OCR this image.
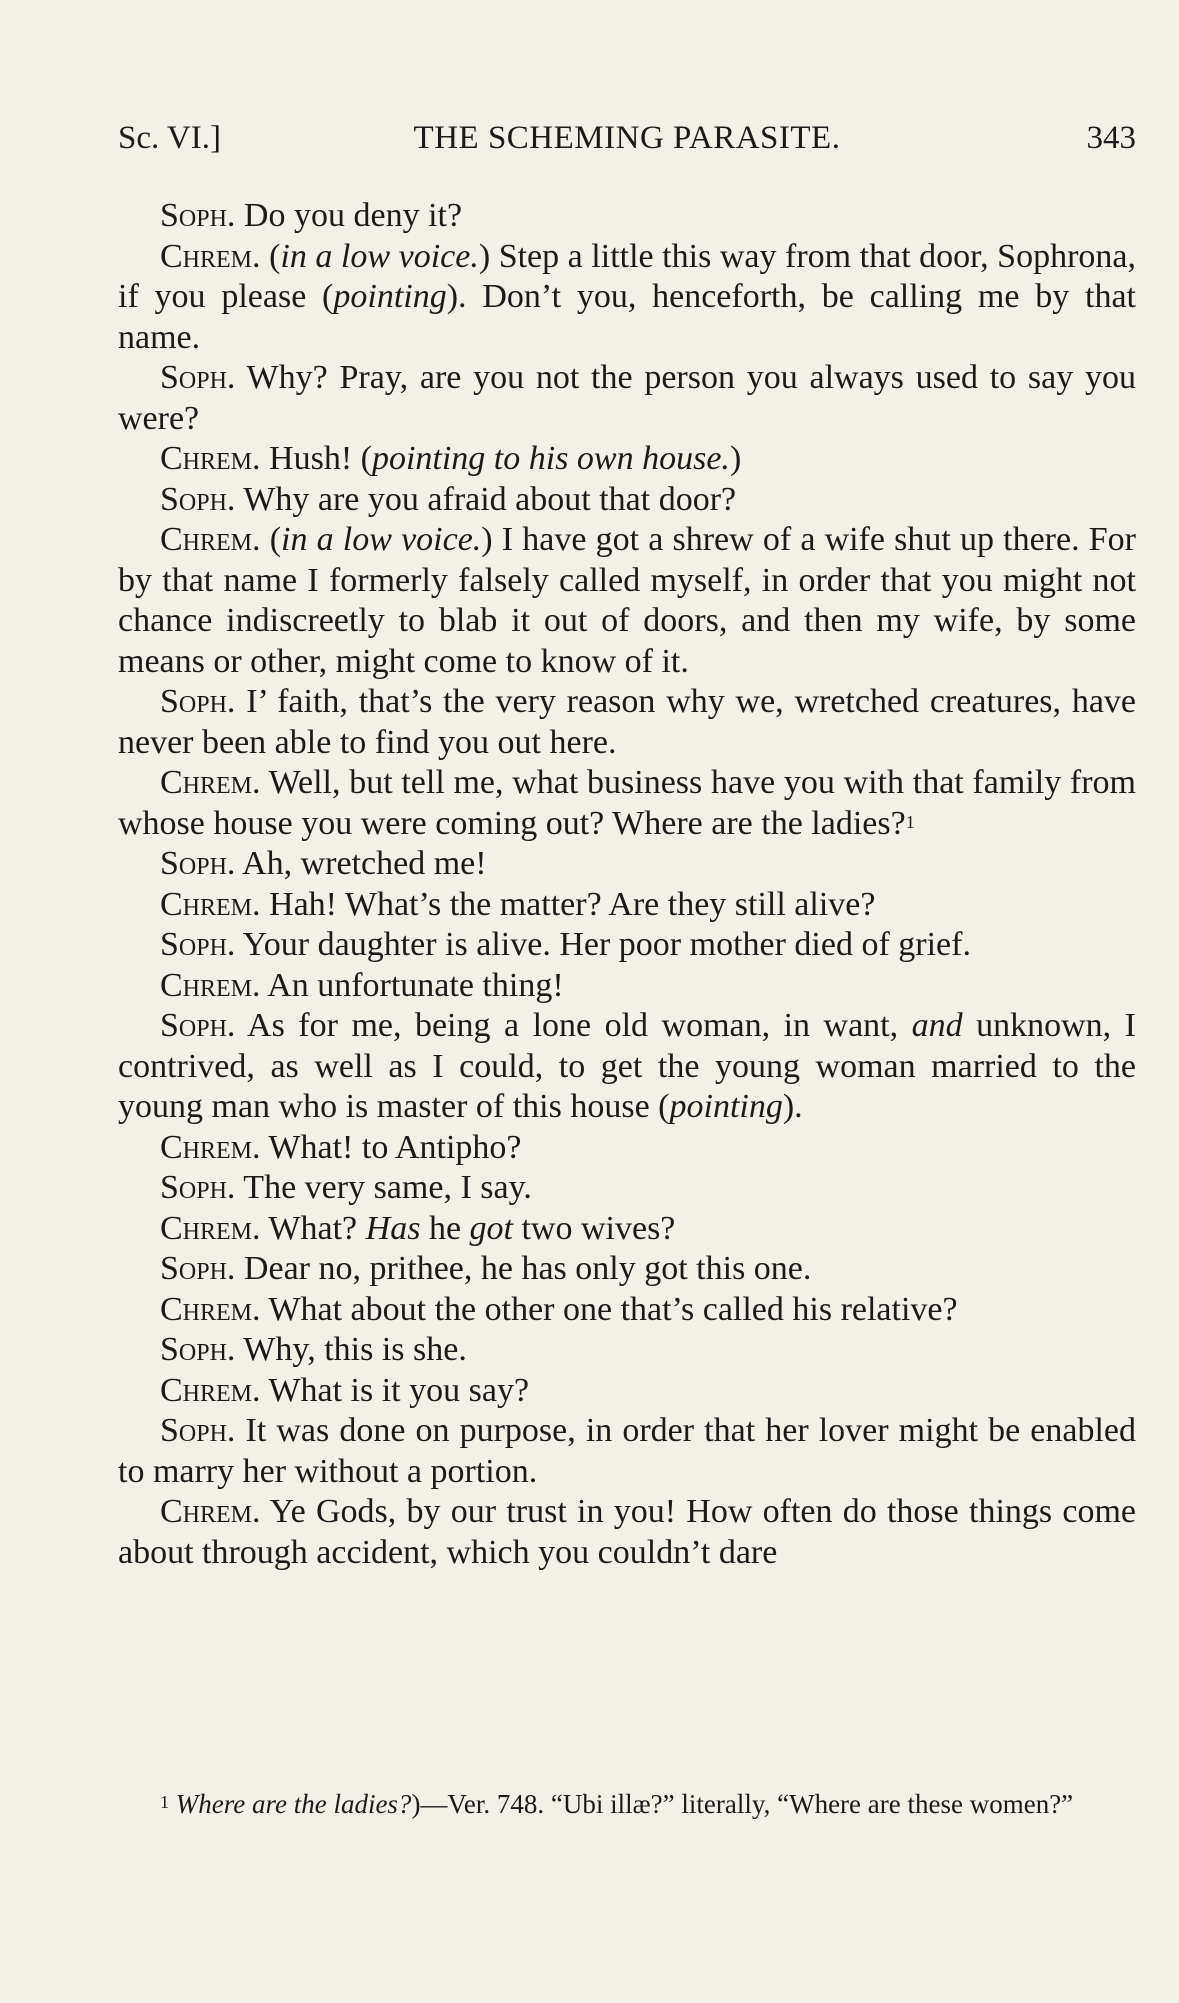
Sc. VI.]	THE SCHEMING PARASITE.	343

Soph. Do you deny it?

Chrem. (in a low voice.) Step a little this way from that door, Sophrona, if you please (pointing). Don’t you, henceforth, be calling me by that name.

Soph. Why? Pray, are you not the person you always used to say you were?

Chrem. Hush! (pointing to his own house.)

Soph. Why are you afraid about that door?

Chrem. (in a low voice.) I have got a shrew of a wife shut up there. For by that name I formerly falsely called myself, in order that you might not chance indiscreetly to blab it out of doors, and then my wife, by some means or other, might come to know of it.

Soph. I’ faith, that’s the very reason why we, wretched creatures, have never been able to find you out here.

Chrem. Well, but tell me, what business have you with that family from whose house you were coming out? Where are the ladies?$^1$

Soph. Ah, wretched me!

Chrem. Hah! What’s the matter? Are they still alive?

Soph. Your daughter is alive. Her poor mother died of grief.

Chrem. An unfortunate thing!

Soph. As for me, being a lone old woman, in want, and unknown, I contrived, as well as I could, to get the young woman married to the young man who is master of this house (pointing).

Chrem. What! to Antipho?

Soph. The very same, I say.

Chrem. What? Has he got two wives?

Soph. Dear no, prithee, he has only got this one.

Chrem. What about the other one that’s called his relative?

Soph. Why, this is she.

Chrem. What is it you say?

Soph. It was done on purpose, in order that her lover might be enabled to marry her without a portion.

Chrem. Ye Gods, by our trust in you! How often do those things come about through accident, which you couldn’t dare

$^1$ Where are the ladies?)—Ver. 748. “Ubi illæ?” literally, “Where are these women?”
